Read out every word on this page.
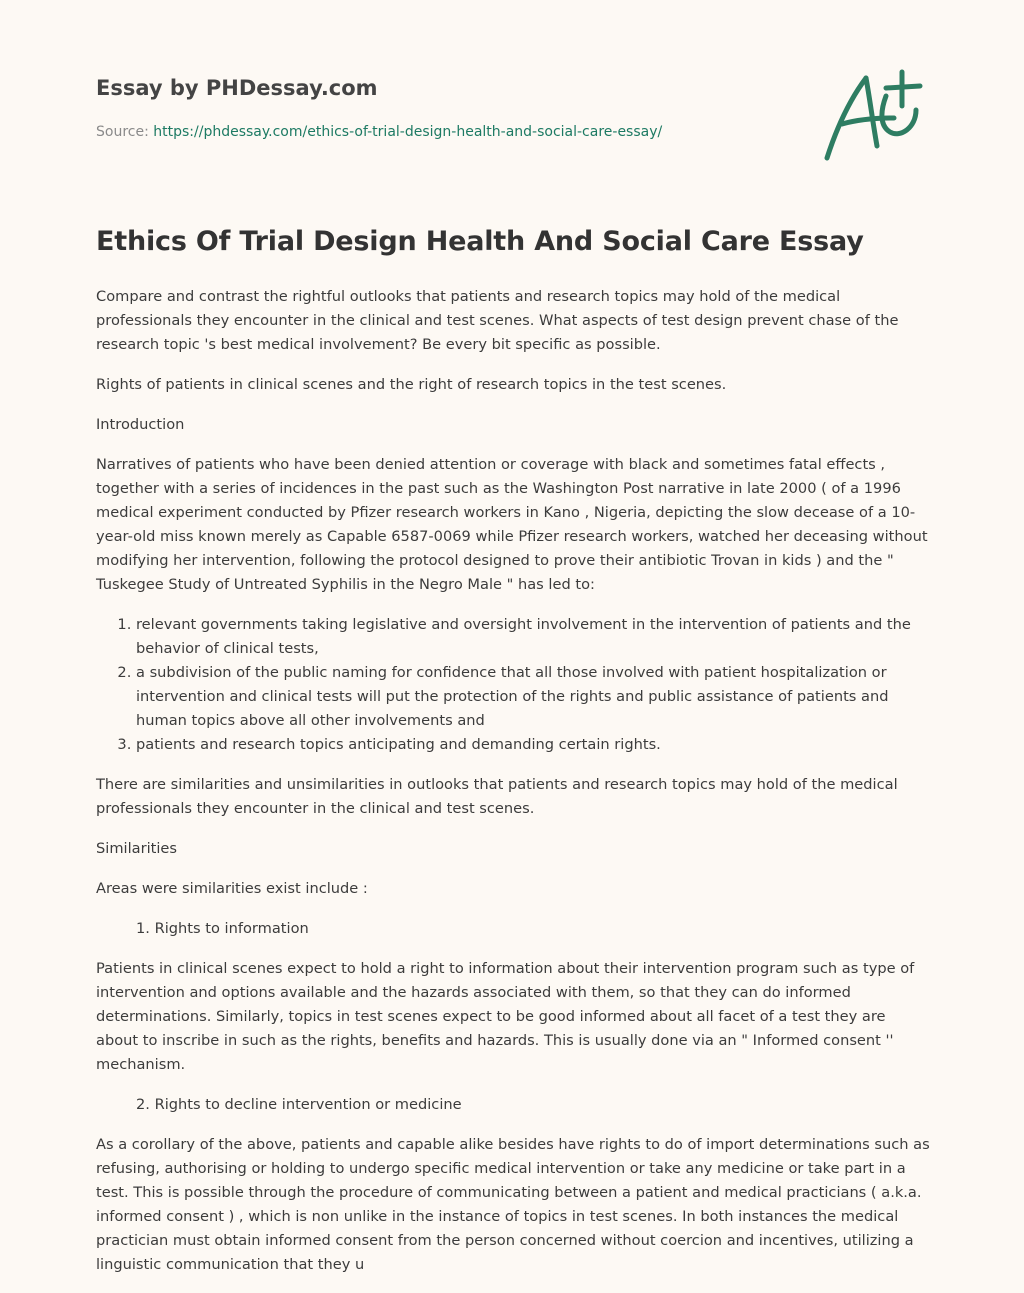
Essay by PHDessay.com
Source: https://phdessay.com/ethics-of-trial-design-health-and-social-care-essay/
Ethics Of Trial Design Health And Social Care Essay

Compare and contrast the rightful outlooks that patients and research topics may hold of the medical professionals they encounter in the clinical and test scenes. What aspects of test design prevent chase of the research topic 's best medical involvement? Be every bit specific as possible.

Rights of patients in clinical scenes and the right of research topics in the test scenes.

Introduction

Narratives of patients who have been denied attention or coverage with black and sometimes fatal effects , together with a series of incidences in the past such as the Washington Post narrative in late 2000 ( of a 1996 medical experiment conducted by Pfizer research workers in Kano , Nigeria, depicting the slow decease of a 10-year-old miss known merely as Capable 6587-0069 while Pfizer research workers, watched her deceasing without modifying her intervention, following the protocol designed to prove their antibiotic Trovan in kids ) and the " Tuskegee Study of Untreated Syphilis in the Negro Male " has led to:

1. relevant governments taking legislative and oversight involvement in the intervention of patients and the behavior of clinical tests,
2. a subdivision of the public naming for confidence that all those involved with patient hospitalization or intervention and clinical tests will put the protection of the rights and public assistance of patients and human topics above all other involvements and
3. patients and research topics anticipating and demanding certain rights.

There are similarities and unsimilarities in outlooks that patients and research topics may hold of the medical professionals they encounter in the clinical and test scenes.

Similarities

Areas were similarities exist include :

1. Rights to information

Patients in clinical scenes expect to hold a right to information about their intervention program such as type of intervention and options available and the hazards associated with them, so that they can do informed determinations. Similarly, topics in test scenes expect to be good informed about all facet of a test they are about to inscribe in such as the rights, benefits and hazards. This is usually done via an " Informed consent '' mechanism.

2. Rights to decline intervention or medicine

As a corollary of the above, patients and capable alike besides have rights to do of import determinations such as refusing, authorising or holding to undergo specific medical intervention or take any medicine or take part in a test. This is possible through the procedure of communicating between a patient and medical practicians ( a.k.a. informed consent ) , which is non unlike in the instance of topics in test scenes. In both instances the medical practician must obtain informed consent from the person concerned without coercion and incentives, utilizing a linguistic communication that they u
